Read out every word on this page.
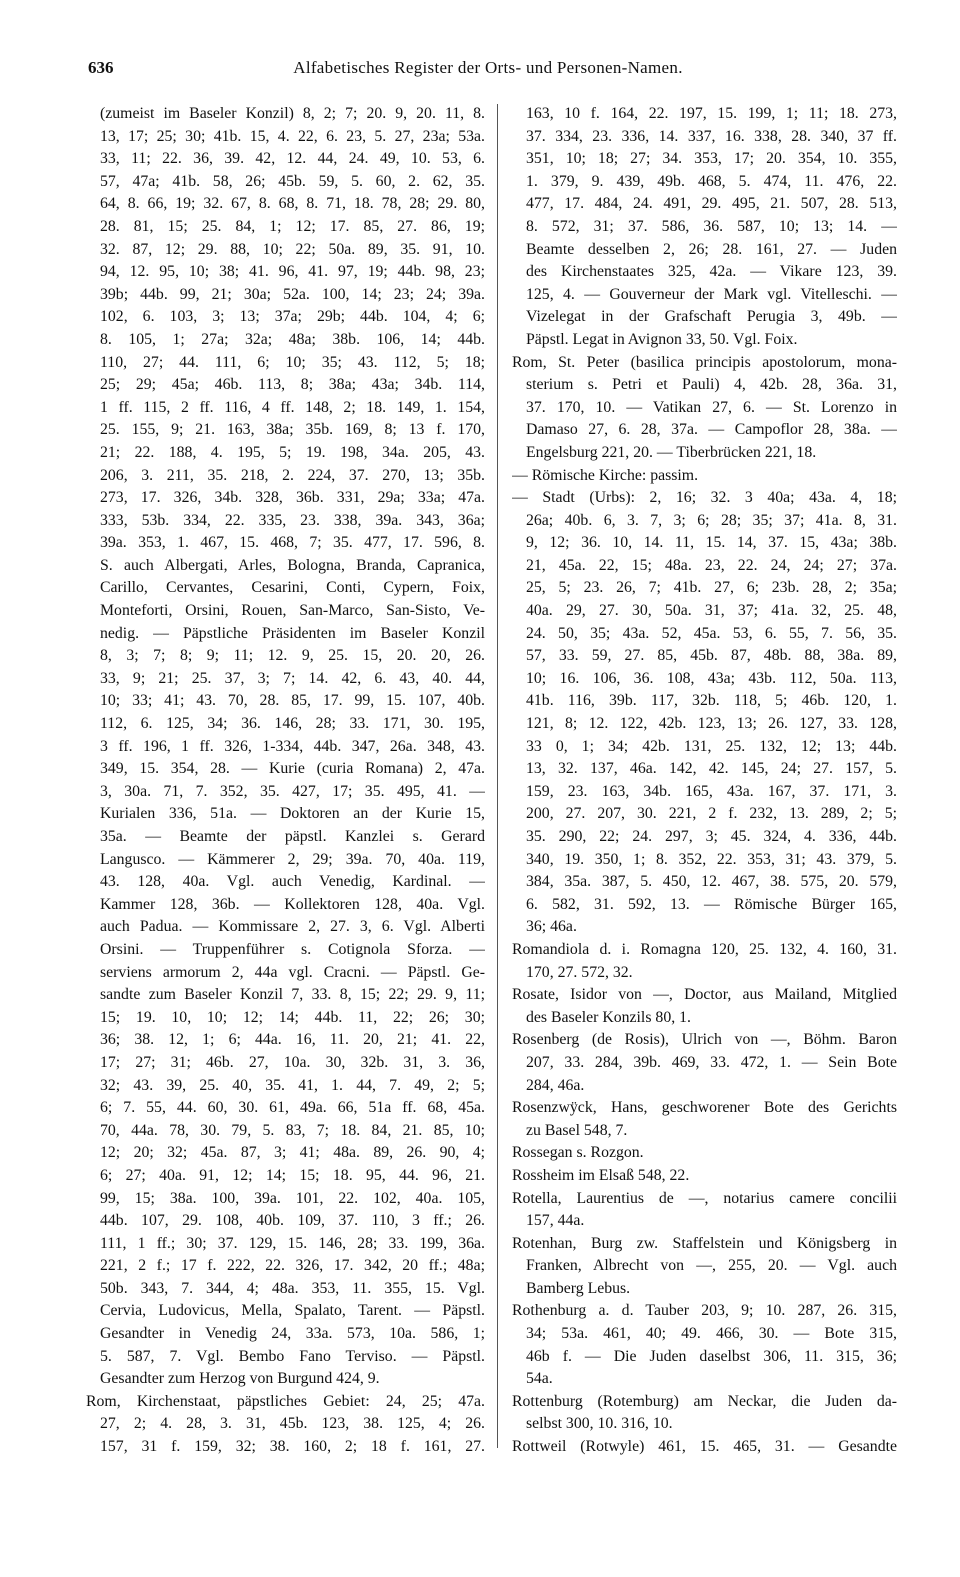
636	Alfabetisches Register der Orts- und Personen-Namen.
(zumeist im Baseler Konzil) 8, 2; 7; 20. 9, 20. 11, 8.
13, 17; 25; 30; 41b. 15, 4. 22, 6. 23, 5. 27, 23a; 53a.
33, 11; 22. 36, 39. 42, 12. 44, 24. 49, 10. 53, 6.
57, 47a; 41b. 58, 26; 45b. 59, 5. 60, 2. 62, 35.
64, 8. 66, 19; 32. 67, 8. 68, 8. 71, 18. 78, 28; 29. 80,
28. 81, 15; 25. 84, 1; 12; 17. 85, 27. 86, 19;
32. 87, 12; 29. 88, 10; 22; 50a. 89, 35. 91, 10.
94, 12. 95, 10; 38; 41. 96, 41. 97, 19; 44b. 98, 23;
39b; 44b. 99, 21; 30a; 52a. 100, 14; 23; 24; 39a.
102, 6. 103, 3; 13; 37a; 29b; 44b. 104, 4; 6;
8. 105, 1; 27a; 32a; 48a; 38b. 106, 14; 44b.
110, 27; 44. 111, 6; 10; 35; 43. 112, 5; 18;
25; 29; 45a; 46b. 113, 8; 38a; 43a; 34b. 114,
1 ff. 115, 2 ff. 116, 4 ff. 148, 2; 18. 149, 1. 154,
25. 155, 9; 21. 163, 38a; 35b. 169, 8; 13 f. 170,
21; 22. 188, 4. 195, 5; 19. 198, 34a. 205, 43.
206, 3. 211, 35. 218, 2. 224, 37. 270, 13; 35b.
273, 17. 326, 34b. 328, 36b. 331, 29a; 33a; 47a.
333, 53b. 334, 22. 335, 23. 338, 39a. 343, 36a;
39a. 353, 1. 467, 15. 468, 7; 35. 477, 17. 596, 8.
S. auch Albergati, Arles, Bologna, Branda, Capranica,
Carillo, Cervantes, Cesarini, Conti, Cypern, Foix,
Monteforti, Orsini, Rouen, San-Marco, San-Sisto, Ve-
nedig. — Päpstliche Präsidenten im Baseler Konzil
8, 3; 7; 8; 9; 11; 12. 9, 25. 15, 20. 20, 26.
33, 9; 21; 25. 37, 3; 7; 14. 42, 6. 43, 40. 44,
10; 33; 41; 43. 70, 28. 85, 17. 99, 15. 107, 40b.
112, 6. 125, 34; 36. 146, 28; 33. 171, 30. 195,
3 ff. 196, 1 ff. 326, 1-334, 44b. 347, 26a. 348, 43.
349, 15. 354, 28. — Kurie (curia Romana) 2, 47a.
3, 30a. 71, 7. 352, 35. 427, 17; 35. 495, 41. —
Kurialen 336, 51a. — Doktoren an der Kurie 15,
35a. — Beamte der päpstl. Kanzlei s. Gerard
Langusco. — Kämmerer 2, 29; 39a. 70, 40a. 119,
43. 128, 40a. Vgl. auch Venedig, Kardinal. —
Kammer 128, 36b. — Kollektoren 128, 40a. Vgl.
auch Padua. — Kommissare 2, 27. 3, 6. Vgl. Alberti
Orsini. — Truppenführer s. Cotignola Sforza. —
serviens armorum 2, 44a vgl. Cracni. — Päpstl. Ge-
sandte zum Baseler Konzil 7, 33. 8, 15; 22; 29. 9, 11;
15; 19. 10, 10; 12; 14; 44b. 11, 22; 26; 30;
36; 38. 12, 1; 6; 44a. 16, 11. 20, 21; 41. 22,
17; 27; 31; 46b. 27, 10a. 30, 32b. 31, 3. 36,
32; 43. 39, 25. 40, 35. 41, 1. 44, 7. 49, 2; 5;
6; 7. 55, 44. 60, 30. 61, 49a. 66, 51a ff. 68, 45a.
70, 44a. 78, 30. 79, 5. 83, 7; 18. 84, 21. 85, 10;
12; 20; 32; 45a. 87, 3; 41; 48a. 89, 26. 90, 4;
6; 27; 40a. 91, 12; 14; 15; 18. 95, 44. 96, 21.
99, 15; 38a. 100, 39a. 101, 22. 102, 40a. 105,
44b. 107, 29. 108, 40b. 109, 37. 110, 3 ff.; 26.
111, 1 ff.; 30; 37. 129, 15. 146, 28; 33. 199, 36a.
221, 2 f.; 17 f. 222, 22. 326, 17. 342, 20 ff.; 48a;
50b. 343, 7. 344, 4; 48a. 353, 11. 355, 15. Vgl.
Cervia, Ludovicus, Mella, Spalato, Tarent. — Päpstl.
Gesandter in Venedig 24, 33a. 573, 10a. 586, 1;
5. 587, 7. Vgl. Bembo Fano Terviso. — Päpstl.
Gesandter zum Herzog von Burgund 424, 9.
Rom, Kirchenstaat, päpstliches Gebiet: 24, 25; 47a.
27, 2; 4. 28, 3. 31, 45b. 123, 38. 125, 4; 26.
157, 31 f. 159, 32; 38. 160, 2; 18 f. 161, 27.
163, 10 f. 164, 22. 197, 15. 199, 1; 11; 18. 273,
37. 334, 23. 336, 14. 337, 16. 338, 28. 340, 37 ff.
351, 10; 18; 27; 34. 353, 17; 20. 354, 10. 355,
1. 379, 9. 439, 49b. 468, 5. 474, 11. 476, 22.
477, 17. 484, 24. 491, 29. 495, 21. 507, 28. 513,
8. 572, 31; 37. 586, 36. 587, 10; 13; 14. —
Beamte desselben 2, 26; 28. 161, 27. — Juden
des Kirchenstaates 325, 42a. — Vikare 123, 39.
125, 4. — Gouverneur der Mark vgl. Vitelleschi. —
Vizelegat in der Grafschaft Perugia 3, 49b. —
Päpstl. Legat in Avignon 33, 50. Vgl. Foix.
Rom, St. Peter (basilica principis apostolorum, mona-
sterium s. Petri et Pauli) 4, 42b. 28, 36a. 31,
37. 170, 10. — Vatikan 27, 6. — St. Lorenzo in
Damaso 27, 6. 28, 37a. — Campoflor 28, 38a. —
Engelsburg 221, 20. — Tiberbrücken 221, 18.
— Römische Kirche: passim.
— Stadt (Urbs): 2, 16; 32. 3 40a; 43a. 4, 18;
26a; 40b. 6, 3. 7, 3; 6; 28; 35; 37; 41a. 8, 31.
9, 12; 36. 10, 14. 11, 15. 14, 37. 15, 43a; 38b.
21, 45a. 22, 15; 48a. 23, 22. 24, 24; 27; 37a.
25, 5; 23. 26, 7; 41b. 27, 6; 23b. 28, 2; 35a;
40a. 29, 27. 30, 50a. 31, 37; 41a. 32, 25. 48,
24. 50, 35; 43a. 52, 45a. 53, 6. 55, 7. 56, 35.
57, 33. 59, 27. 85, 45b. 87, 48b. 88, 38a. 89,
10; 16. 106, 36. 108, 43a; 43b. 112, 50a. 113,
41b. 116, 39b. 117, 32b. 118, 5; 46b. 120, 1.
121, 8; 12. 122, 42b. 123, 13; 26. 127, 33. 128,
33 0, 1; 34; 42b. 131, 25. 132, 12; 13; 44b.
13, 32. 137, 46a. 142, 42. 145, 24; 27. 157, 5.
159, 23. 163, 34b. 165, 43a. 167, 37. 171, 3.
200, 27. 207, 30. 221, 2 f. 232, 13. 289, 2; 5;
35. 290, 22; 24. 297, 3; 45. 324, 4. 336, 44b.
340, 19. 350, 1; 8. 352, 22. 353, 31; 43. 379, 5.
384, 35a. 387, 5. 450, 12. 467, 38. 575, 20. 579,
6. 582, 31. 592, 13. — Römische Bürger 165,
36; 46a.
Romandiola d. i. Romagna 120, 25. 132, 4. 160, 31.
170, 27. 572, 32.
Rosate, Isidor von —, Doctor, aus Mailand, Mitglied
des Baseler Konzils 80, 1.
Rosenberg (de Rosis), Ulrich von —, Böhm. Baron
207, 33. 284, 39b. 469, 33. 472, 1. — Sein Bote
284, 46a.
Rosenzwÿck, Hans, geschworener Bote des Gerichts
zu Basel 548, 7.
Rossegan s. Rozgon.
Rossheim im Elsaß 548, 22.
Rotella, Laurentius de —, notarius camere concilii
157, 44a.
Rotenhan, Burg zw. Staffelstein und Königsberg in
Franken, Albrecht von —, 255, 20. — Vgl. auch
Bamberg Lebus.
Rothenburg a. d. Tauber 203, 9; 10. 287, 26. 315,
34; 53a. 461, 40; 49. 466, 30. — Bote 315,
46b f. — Die Juden daselbst 306, 11. 315, 36;
54a.
Rottenburg (Rotemburg) am Neckar, die Juden da-
selbst 300, 10. 316, 10.
Rottweil (Rotwyle) 461, 15. 465, 31. — Gesandte
